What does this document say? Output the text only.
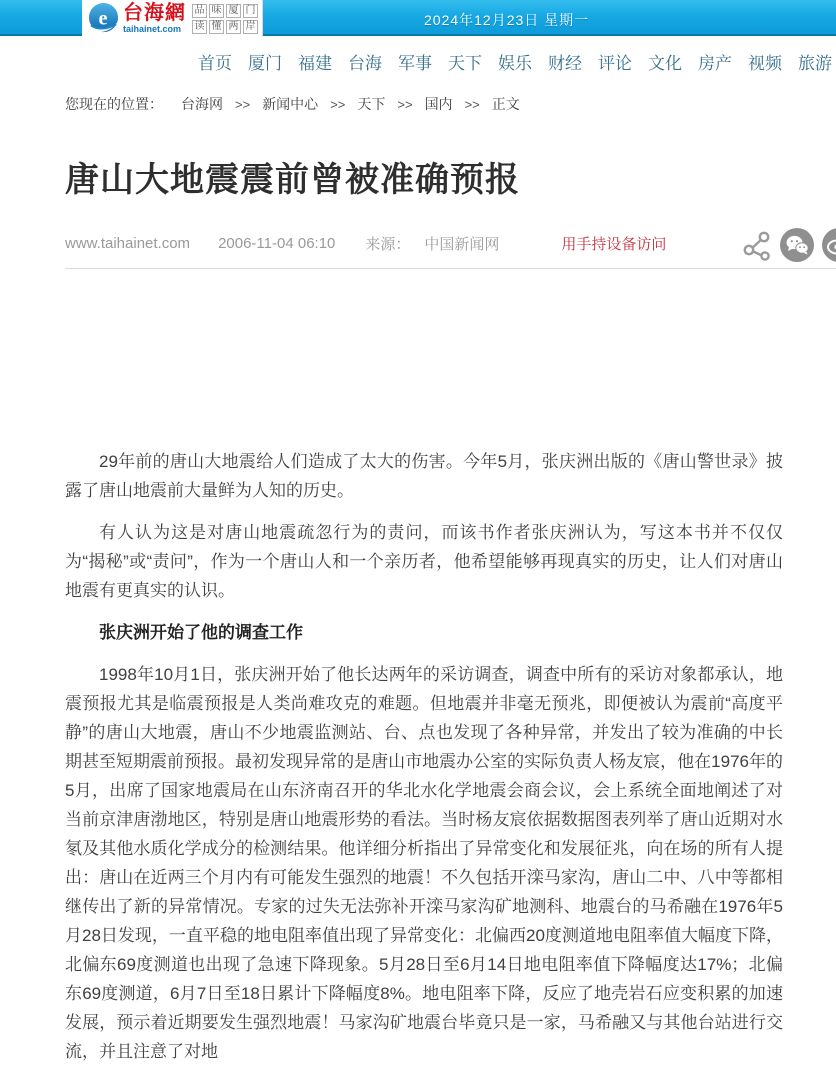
e 台海網
taihainet.com
品 味 厦 门
读 懂 两 岸	2024年12月23日 星期一
首页 厦门 福建 台海 军事 天下 娱乐 财经 评论 文化 房产 视频 旅游
您现在的位置： 台海网 >> 新闻中心 >> 天下 >> 国内 >> 正文
唐山大地震震前曾被准确预报
www.taihainet.com 2006-11-04 06:10 来源： 中国新闻网	用手持设备访问

29年前的唐山大地震给人们造成了太大的伤害。今年5月，张庆洲出版的《唐山警世录》披露了唐山地震前大量鲜为人知的历史。

有人认为这是对唐山地震疏忽行为的责问，而该书作者张庆洲认为，写这本书并不仅仅为“揭秘”或“责问”，作为一个唐山人和一个亲历者，他希望能够再现真实的历史，让人们对唐山地震有更真实的认识。

张庆洲开始了他的调查工作

1998年10月1日，张庆洲开始了他长达两年的采访调查，调查中所有的采访对象都承认，地震预报尤其是临震预报是人类尚难攻克的难题。但地震并非毫无预兆，即便被认为震前“高度平静”的唐山大地震，唐山不少地震监测站、台、点也发现了各种异常，并发出了较为准确的中长期甚至短期震前预报。最初发现异常的是唐山市地震办公室的实际负责人杨友宸，他在1976年的5月，出席了国家地震局在山东济南召开的华北水化学地震会商会议，会上系统全面地阐述了对当前京津唐渤地区，特别是唐山地震形势的看法。当时杨友宸依据数据图表列举了唐山近期对水氡及其他水质化学成分的检测结果。他详细分析指出了异常变化和发展征兆，向在场的所有人提出：唐山在近两三个月内有可能发生强烈的地震！不久包括开滦马家沟，唐山二中、八中等都相继传出了新的异常情况。专家的过失无法弥补开滦马家沟矿地测科、地震台的马希融在1976年5月28日发现，一直平稳的地电阻率值出现了异常变化：北偏西20度测道地电阻率值大幅度下降，北偏东69度测道也出现了急速下降现象。5月28日至6月14日地电阻率值下降幅度达17%；北偏东69度测道，6月7日至18日累计下降幅度8%。地电阻率下降，反应了地壳岩石应变积累的加速发展，预示着近期要发生强烈地震！马家沟矿地震台毕竟只是一家，马希融又与其他台站进行交流，并且注意了对地
